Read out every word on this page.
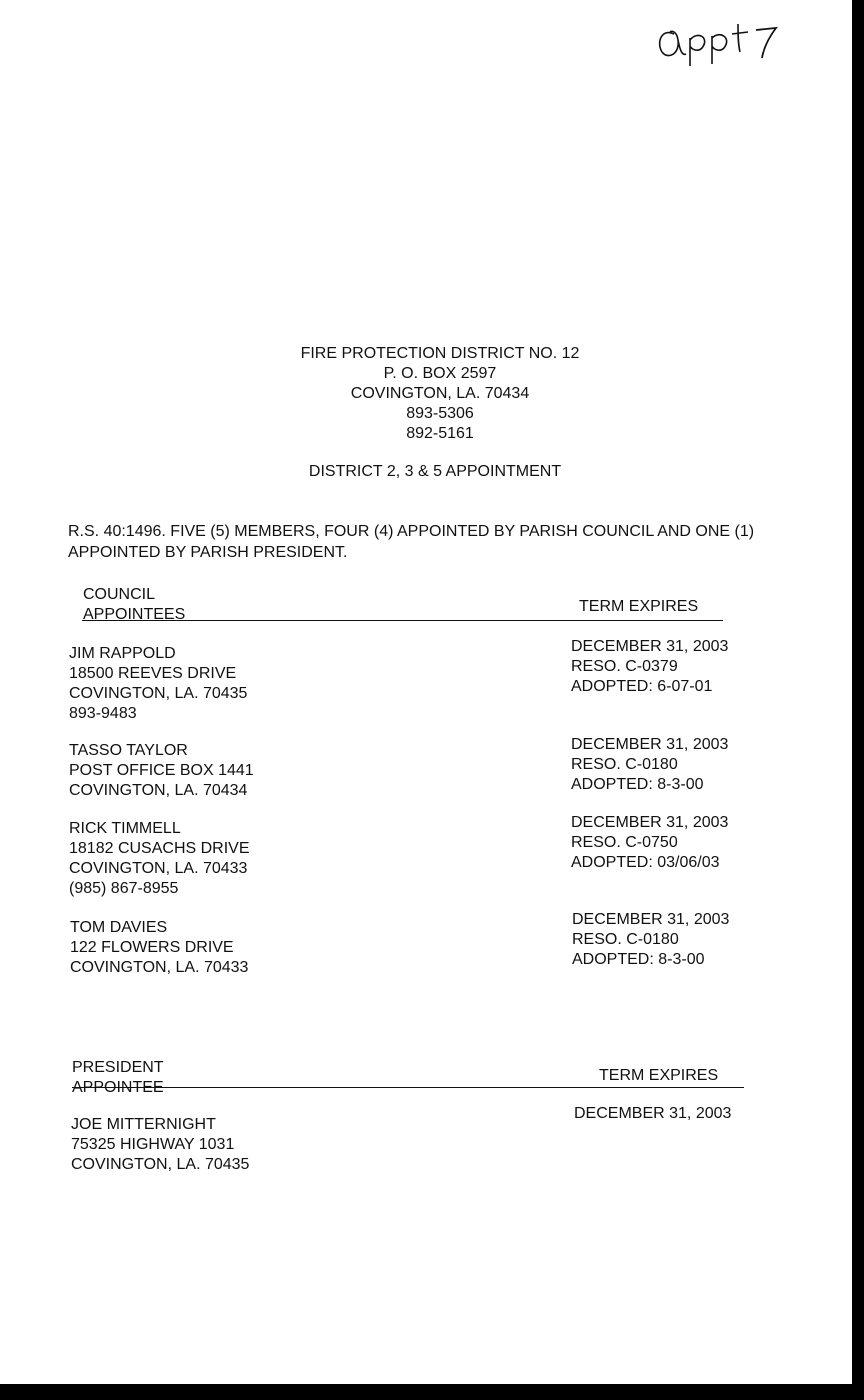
FIRE PROTECTION DISTRICT NO. 12
P. O. BOX 2597
COVINGTON, LA. 70434
893-5306
892-5161
DISTRICT 2, 3 & 5 APPOINTMENT
R.S. 40:1496. FIVE (5) MEMBERS, FOUR (4) APPOINTED BY PARISH COUNCIL AND ONE (1) APPOINTED BY PARISH PRESIDENT.
COUNCIL
APPOINTEES	TERM EXPIRES
JIM RAPPOLD
18500 REEVES DRIVE
COVINGTON, LA. 70435
893-9483
DECEMBER 31, 2003
RESO. C-0379
ADOPTED: 6-07-01
TASSO TAYLOR
POST OFFICE BOX 1441
COVINGTON, LA. 70434
DECEMBER 31, 2003
RESO. C-0180
ADOPTED: 8-3-00
RICK TIMMELL
18182 CUSACHS DRIVE
COVINGTON, LA. 70433
(985) 867-8955
DECEMBER 31, 2003
RESO. C-0750
ADOPTED: 03/06/03
TOM DAVIES
122 FLOWERS DRIVE
COVINGTON, LA. 70433
DECEMBER 31, 2003
RESO. C-0180
ADOPTED: 8-3-00
PRESIDENT
APPOINTEE
TERM EXPIRES
JOE MITTERNIGHT
75325 HIGHWAY 1031
COVINGTON, LA. 70435
DECEMBER 31, 2003
